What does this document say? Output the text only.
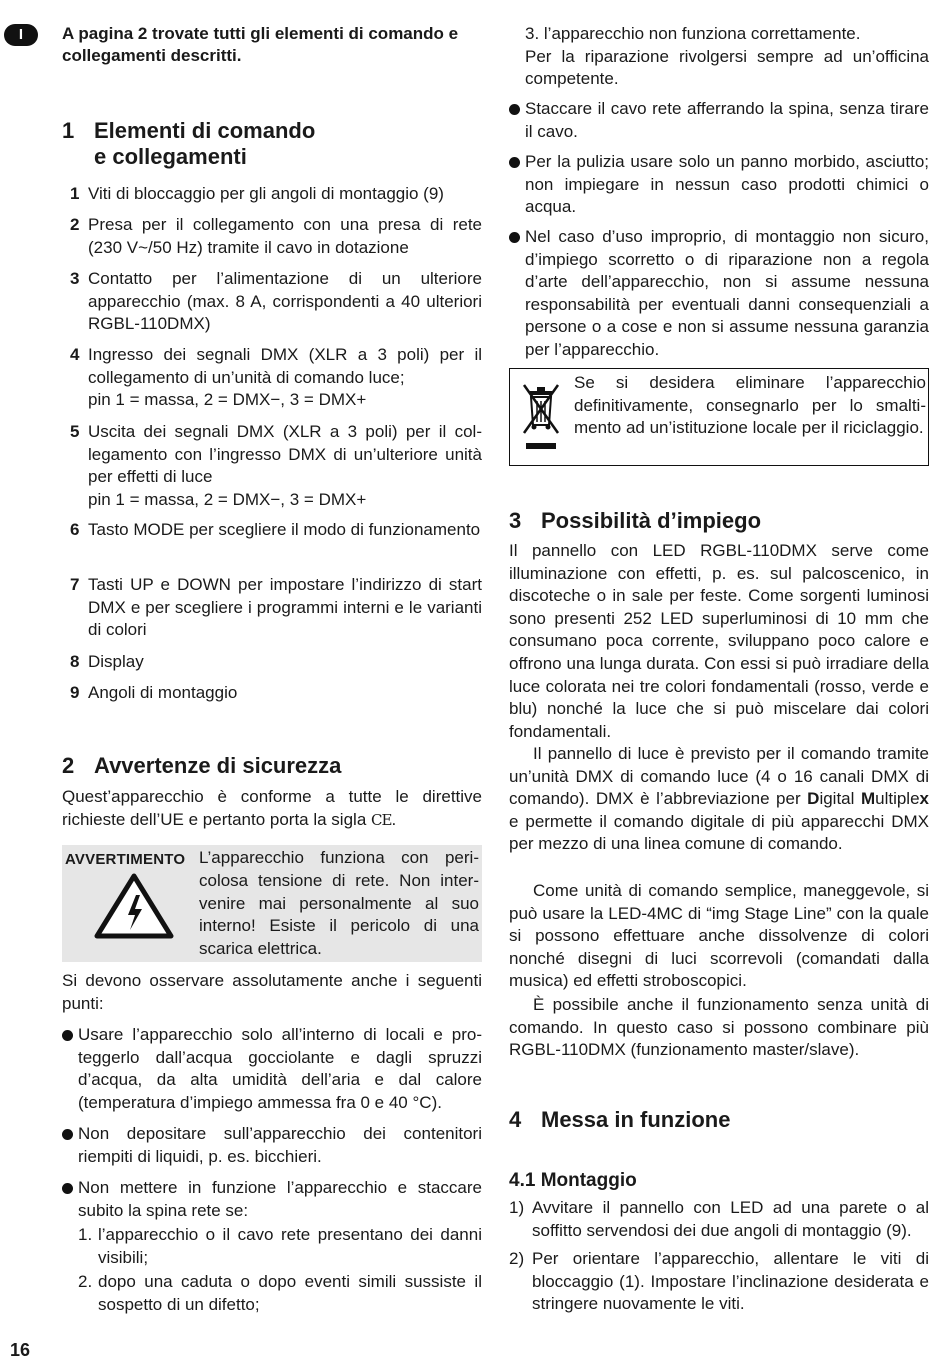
I
16
A pagina 2 trovate tutti gli elementi di comando e collegamenti descritti.
1 Elementi di comando
e collegamenti
1 Viti di bloccaggio per gli angoli di montaggio (9)
2 Presa per il collegamento con una presa di rete (230 V~/50 Hz) tramite il cavo in dotazione
3 Contatto per l’alimentazione di un ulteriore apparecchio (max. 8 A, corrispondenti a 40 ulteriori RGBL-110DMX)
4 Ingresso dei segnali DMX (XLR a 3 poli) per il collegamento di un’unità di comando luce;
pin 1 = massa, 2 = DMX−, 3 = DMX+
5 Uscita dei segnali DMX (XLR a 3 poli) per il collegamento con l’ingresso DMX di un’ulteriore unità per effetti di luce
pin 1 = massa, 2 = DMX−, 3 = DMX+
6 Tasto MODE per scegliere il modo di funzionamento
7 Tasti UP e DOWN per impostare l’indirizzo di start DMX e per scegliere i programmi interni e le varianti di colori
8 Display
9 Angoli di montaggio
2 Avvertenze di sicurezza
Quest’apparecchio è conforme a tutte le direttive richieste dell’UE e pertanto porta la sigla CE.
AVVERTIMENTO L’apparecchio funziona con pericolosa tensione di rete. Non intervenire mai personalmente al suo interno! Esiste il pericolo di una scarica elettrica.
Si devono osservare assolutamente anche i seguenti punti:
Usare l’apparecchio solo all’interno di locali e proteggerlo dall’acqua gocciolante e dagli spruzzi d’acqua, da alta umidità dell’aria e dal calore (temperatura d’impiego ammessa fra 0 e 40 °C).
Non depositare sull’apparecchio dei contenitori riempiti di liquidi, p. es. bicchieri.
Non mettere in funzione l’apparecchio e staccare subito la spina rete se:
1. l’apparecchio o il cavo rete presentano dei danni visibili;
2. dopo una caduta o dopo eventi simili sussiste il sospetto di un difetto;
3. l’apparecchio non funziona correttamente.
Per la riparazione rivolgersi sempre ad un’officina competente.
Staccare il cavo rete afferrando la spina, senza tirare il cavo.
Per la pulizia usare solo un panno morbido, asciutto; non impiegare in nessun caso prodotti chimici o acqua.
Nel caso d’uso improprio, di montaggio non sicuro, d’impiego scorretto o di riparazione non a regola d’arte dell’apparecchio, non si assume nessuna responsabilità per eventuali danni consequenziali a persone o a cose e non si assume nessuna garanzia per l’apparecchio.
Se si desidera eliminare l’apparecchio definitivamente, consegnarlo per lo smaltimento ad un’istituzione locale per il riciclaggio.
3 Possibilità d’impiego
Il pannello con LED RGBL-110DMX serve come illuminazione con effetti, p. es. sul palcoscenico, in discoteche o in sale per feste. Come sorgenti luminosi sono presenti 252 LED superluminosi di 10 mm che consumano poca corrente, sviluppano poco calore e offrono una lunga durata. Con essi si può irradiare della luce colorata nei tre colori fondamentali (rosso, verde e blu) nonché la luce che si può miscelare dai colori fondamentali.
Il pannello di luce è previsto per il comando tramite un’unità DMX di comando luce (4 o 16 canali DMX di comando). DMX è l’abbreviazione per Digital Multiplex e permette il comando digitale di più apparecchi DMX per mezzo di una linea comune di comando.
Come unità di comando semplice, maneggevole, si può usare la LED-4MC di “img Stage Line” con la quale si possono effettuare anche dissolvenze di colori nonché disegni di luci scorrevoli (comandati dalla musica) ed effetti stroboscopici.
È possibile anche il funzionamento senza unità di comando. In questo caso si possono combinare più RGBL-110DMX (funzionamento master/slave).
4 Messa in funzione
4.1 Montaggio
1) Avvitare il pannello con LED ad una parete o al soffitto servendosi dei due angoli di montaggio (9).
2) Per orientare l’apparecchio, allentare le viti di bloccaggio (1). Impostare l’inclinazione desiderata e stringere nuovamente le viti.
